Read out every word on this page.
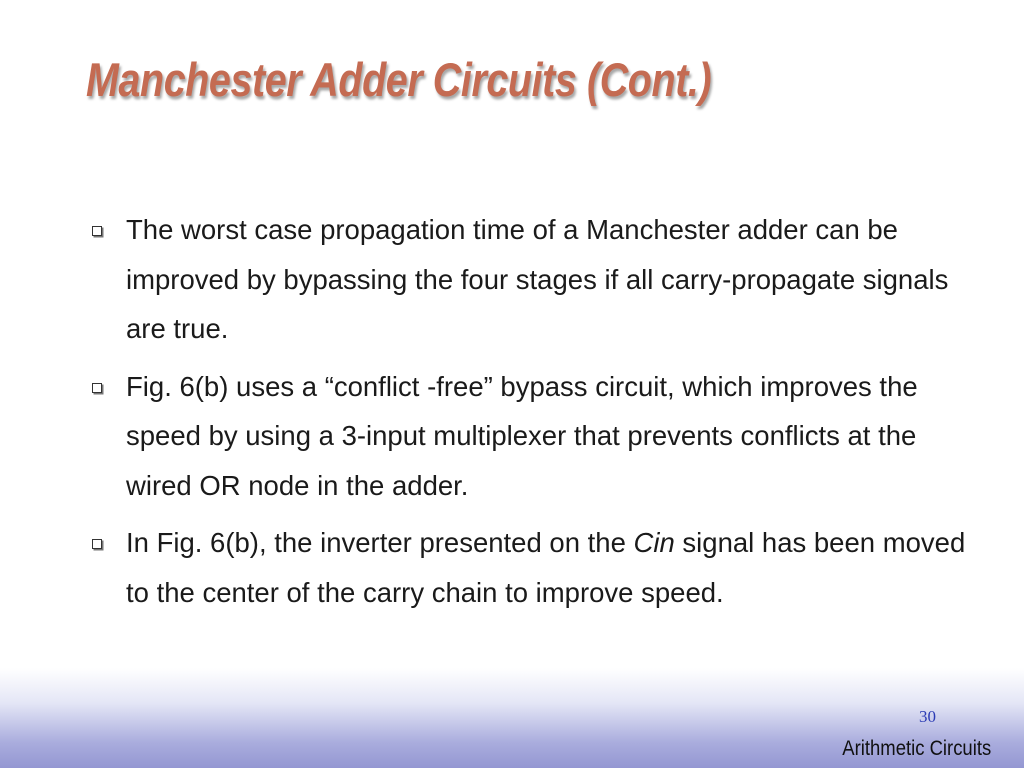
Manchester Adder Circuits (Cont.)
The worst case propagation time of a Manchester adder can be improved by bypassing the four stages if all carry-propagate signals are true.
Fig. 6(b) uses a “conflict -free” bypass circuit, which improves the speed by using a 3-input multiplexer that prevents conflicts at the wired OR node in the adder.
In Fig. 6(b), the inverter presented on the Cin signal has been moved to the center of the carry chain to improve speed.
30
Arithmetic Circuits
